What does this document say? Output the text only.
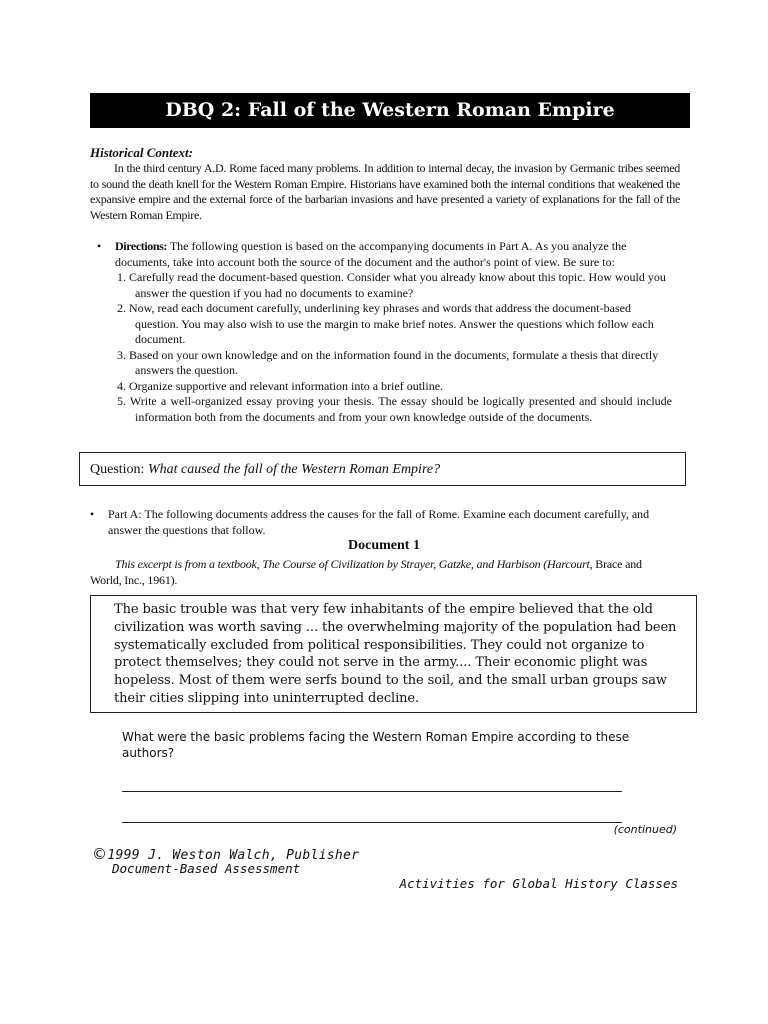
DBQ 2: Fall of the Western Roman Empire
Historical Context:
In the third century A.D. Rome faced many problems. In addition to internal decay, the invasion by Germanic tribes seemed to sound the death knell for the Western Roman Empire. Historians have examined both the internal conditions that weakened the expansive empire and the external force of the barbarian invasions and have presented a variety of explanations for the fall of the Western Roman Empire.
• Directions: The following question is based on the accompanying documents in Part A. As you analyze the documents, take into account both the source of the document and the author's point of view. Be sure to:
1. Carefully read the document-based question. Consider what you already know about this topic. How would you answer the question if you had no documents to examine?
2. Now, read each document carefully, underlining key phrases and words that address the document-based question. You may also wish to use the margin to make brief notes. Answer the questions which follow each document.
3. Based on your own knowledge and on the information found in the documents, formulate a thesis that directly answers the question.
4. Organize supportive and relevant information into a brief outline.
5. Write a well-organized essay proving your thesis. The essay should be logically presented and should include information both from the documents and from your own knowledge outside of the documents.
Question: What caused the fall of the Western Roman Empire?
• Part A: The following documents address the causes for the fall of Rome. Examine each document carefully, and answer the questions that follow.
Document 1
This excerpt is from a textbook, The Course of Civilization by Strayer, Gatzke, and Harbison (Harcourt, Brace and World, Inc., 1961).
The basic trouble was that very few inhabitants of the empire believed that the old civilization was worth saving ... the overwhelming majority of the population had been systematically excluded from political responsibilities. They could not organize to protect themselves; they could not serve in the army.... Their economic plight was hopeless. Most of them were serfs bound to the soil, and the small urban groups saw their cities slipping into uninterrupted decline.
What were the basic problems facing the Western Roman Empire according to these authors?
(continued)
©1999 J. Weston Walch, Publisher
Document-Based Assessment
Activities for Global History Classes
